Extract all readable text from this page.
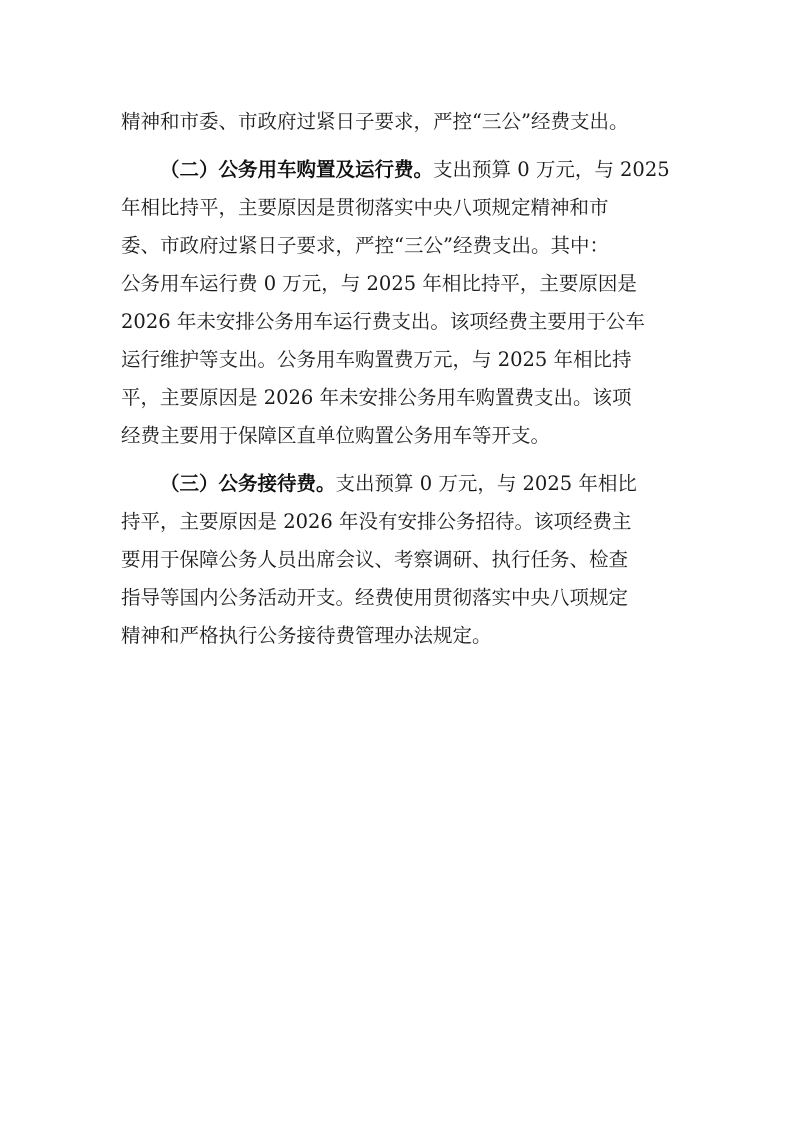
精神和市委、市政府过紧日子要求，严控“三公”经费支出。
（二）公务用车购置及运行费。支出预算 0 万元，与 2025
年相比持平，主要原因是贯彻落实中央八项规定精神和市
委、市政府过紧日子要求，严控“三公”经费支出。其中：
公务用车运行费 0 万元，与 2025 年相比持平，主要原因是
2026 年未安排公务用车运行费支出。该项经费主要用于公车
运行维护等支出。公务用车购置费万元，与 2025 年相比持
平，主要原因是 2026 年未安排公务用车购置费支出。该项
经费主要用于保障区直单位购置公务用车等开支。
（三）公务接待费。支出预算 0 万元，与 2025 年相比
持平，主要原因是 2026 年没有安排公务招待。该项经费主
要用于保障公务人员出席会议、考察调研、执行任务、检查
指导等国内公务活动开支。经费使用贯彻落实中央八项规定
精神和严格执行公务接待费管理办法规定。
